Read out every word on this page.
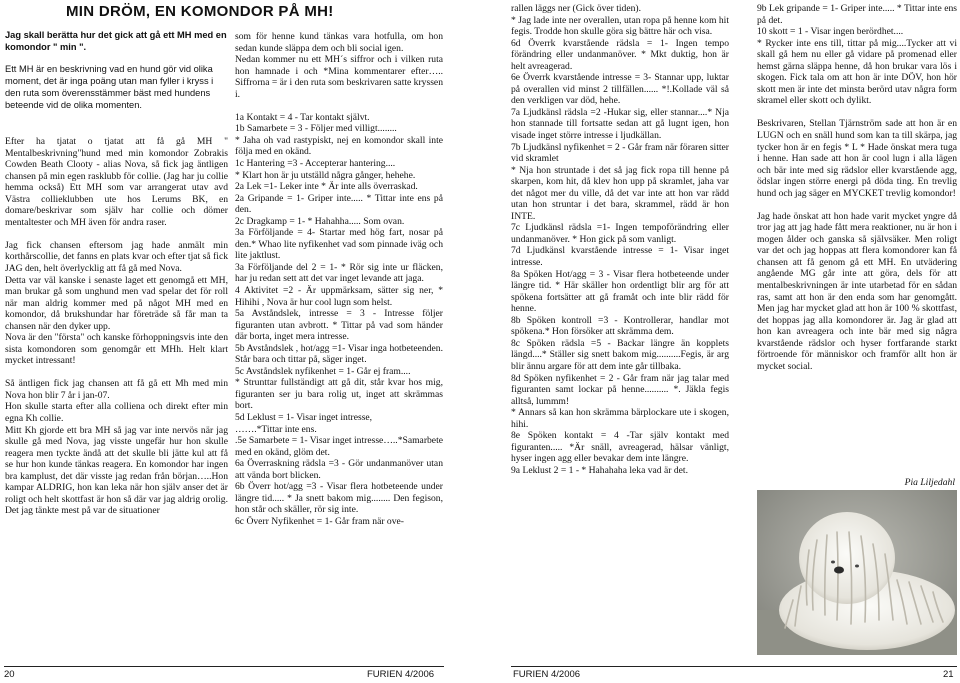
MIN DRÖM, EN KOMONDOR PÅ MH!

Jag skall berätta hur det gick att gå ett MH med en komondor " min ".

Ett MH är en beskrivning vad en hund gör vid olika moment, det är inga poäng utan man fyller i kryss i den ruta som överensstämmer bäst med hundens beteende vid de olika momenten.

Efter ha tjatat o tjatat att få gå MH " Mentalbeskrivning"hund med min komondor Zobrakis Cowden Beath Clooty - alias Nova, så fick jag äntligen chansen på min egen rasklubb för collie. (Jag har ju collie hemma också) Ett MH som var arrangerat utav avd Västra collieklubben ute hos Lerums BK, en domare/beskrivar som själv har collie och dömer mentaltester och MH även för andra raser.

Jag fick chansen eftersom jag hade anmält min korthårscollie, det fanns en plats kvar och efter tjat så fick JAG den, helt överlycklig att få gå med Nova.

Detta var väl kanske i senaste laget ett genomgå ett MH, man brukar gå som unghund men vad spelar det för roll när man aldrig kommer med på något MH med en komondor, då brukshundar har företräde så får man ta chansen när den dyker upp.

Nova är den "första" och kanske förhoppningsvis inte den sista komondoren som genomgår ett MHh. Helt klart mycket intressant!

Så äntligen fick jag chansen att få gå ett Mh med min Nova hon blir 7 år i jan-07.

Hon skulle starta efter alla colliena och direkt efter min egna Kh collie.

Mitt Kh gjorde ett bra MH så jag var inte nervös när jag skulle gå med Nova, jag visste ungefär hur hon skulle reagera men tyckte ändå att det skulle bli jätte kul att få se hur hon kunde tänkas reagera. En komondor har ingen bra kamplust, det där visste jag redan från början…..Hon kampar ALDRIG, hon kan leka när hon själv anser det är roligt och helt skottfast är hon så där var jag aldrig orolig. Det jag tänkte mest på var de situationer

som för henne kund tänkas vara hotfulla, om hon sedan kunde släppa dem och bli social igen.

Nedan kommer nu ett MH´s siffror och i vilken ruta hon hamnade i och *Mina kommentarer efter….. Siffrorna = är i den ruta som beskrivaren satte kryssen i.

1a Kontakt = 4 - Tar kontakt självt.

1b Samarbete = 3 - Följer med villigt........

* Jaha oh vad rastypiskt, nej en komondor skall inte följa med en okänd.

1c Hantering =3 - Accepterar hantering....

* Klart hon är ju utställd några gånger, hehehe.

2a Lek =1- Leker inte * Är inte alls överraskad.

2a Gripande = 1- Griper inte..... * Tittar inte ens på den.

2c Dragkamp = 1- * Hahahha..... Som ovan.

3a Förföljande = 4- Startar med hög fart, nosar på den.* Whao lite nyfikenhet vad som pinnade iväg och lite jaktlust.

3a Förföljande del 2 = 1- * Rör sig inte ur fläcken, har ju redan sett att det var inget levande att jaga.

4 Aktivitet =2 - Är uppmärksam, sätter sig ner, * Hihihi , Nova är hur cool lugn som helst.

5a Avståndslek, intresse = 3 - Intresse följer figuranten utan avbrott. * Tittar på vad som händer där borta, inget mera intresse.

5b Avståndslek , hot/agg =1- Visar inga hotbeteenden. Står bara och tittar på, säger inget.

5c Avståndslek nyfikenhet = 1- Går ej fram....

* Strunttar fullständigt att gå dit, står kvar hos mig, figuranten ser ju bara rolig ut, inget att skrämmas bort.

5d Leklust = 1- Visar inget intresse,

…….*Tittar inte ens.

.5e Samarbete = 1- Visar inget intresse…..*Samarbete med en okänd, glöm det.

6a Överraskning rädsla =3 - Gör undanmanöver utan att vända bort blicken.

6b Överr hot/agg =3 - Visar flera hotbeteende under längre tid..... * Ja snett bakom mig........ Den fegison, hon står och skäller, rör sig inte.

6c Överr Nyfikenhet = 1- Går fram när ove-

rallen läggs ner (Gick över tiden).

* Jag lade inte ner overallen, utan ropa på henne kom hit fegis. Trodde hon skulle göra sig bättre här och visa.

6d Överrk kvarstående rädsla = 1- Ingen tempo förändring eller undanmanöver. * Mkt duktig, hon är helt avreagerad.

6e Överrk kvarstående intresse = 3- Stannar upp, luktar på overallen vid minst 2 tillfällen...... *!.Kollade väl så den verkligen var död, hehe.

7a Ljudkänsl rädsla =2 -Hukar sig, eller stannar....* Nja hon stannade till fortsatte sedan att gå lugnt igen, hon visade inget större intresse i ljudkällan.

7b Ljudkänsl nyfikenhet = 2 - Går fram när föraren sitter vid skramlet

* Nja hon struntade i det så jag fick ropa till henne på skarpen, kom hit, då klev hon upp på skramlet, jaha var det något mer du ville, då det var inte att hon var rädd utan hon struntar i det bara, skrammel, rädd är hon INTE.

7c Ljudkänsl rädsla =1- Ingen tempoförändring eller undanmanöver. * Hon gick på som vanligt.

7d Ljudkänsl kvarstående intresse = 1- Visar inget intresse.

8a Spöken Hot/agg = 3 - Visar flera hotbeteende under längre tid. * Här skäller hon ordentligt blir arg för att spökena fortsätter att gå framåt och inte blir rädd för henne.

8b Spöken kontroll =3 - Kontrollerar, handlar mot spökena.* Hon försöker att skrämma dem.

8c Spöken rädsla =5 - Backar längre än kopplets längd....* Ställer sig snett bakom mig..........Fegis, är arg blir ännu argare för att dem inte går tillbaka.

8d Spöken nyfikenhet = 2 - Går fram när jag talar med figuranten samt lockar på henne.......... *. Jäkla fegis alltså, lummm!

* Annars så kan hon skrämma bärplockare ute i skogen, hihi.

8e Spöken kontakt = 4 -Tar själv kontakt med figuranten..... *Är snäll, avreagerad, hälsar vänligt, hyser ingen agg eller bevakar dem inte längre.

9a Leklust 2 = 1 - * Hahahaha leka vad är det.

9b Lek gripande = 1- Griper inte..... * Tittar inte ens på det.

10 skott = 1 - Visar ingen berördhet....

* Rycker inte ens till, tittar på mig....Tycker att vi skall gå hem nu eller gå vidare på promenad eller hemst gärna släppa henne, då hon brukar vara lös i skogen. Fick tala om att hon är inte DÖV, hon hör skott men är inte det minsta berörd utav några form skramel eller skott och dylikt.

Beskrivaren, Stellan Tjärnström sade att hon är en LUGN och en snäll hund som kan ta till skärpa, jag tycker hon är en fegis * L * Hade önskat mera tuga i henne. Han sade att hon är cool lugn i alla lägen och bär inte med sig rädslor eller kvarstående agg, ödslar ingen större energi på döda ting. En trevlig hund och jag säger en MYCKET trevlig komondor!

Jag hade önskat att hon hade varit mycket yngre då tror jag att jag hade fått mera reaktioner, nu är hon i mogen ålder och ganska så självsäker. Men roligt var det och jag hoppas att flera komondorer kan få chansen att få genom gå ett MH. En utvädering angående MG går inte att göra, dels för att mentalbeskrivningen är inte utarbetad för en sådan ras, samt att hon är den enda som har genomgått. Men jag har mycket glad att hon är 100 % skottfast, det hoppas jag alla komondorer är. Jag är glad att hon kan avreagera och inte bär med sig några kvarstående rädslor och hyser fortfarande starkt förtroende för människor och framför allt hon är mycket social.

Pia Liljedahl
20	FURIEN 4/2006	FURIEN 4/2006	21
